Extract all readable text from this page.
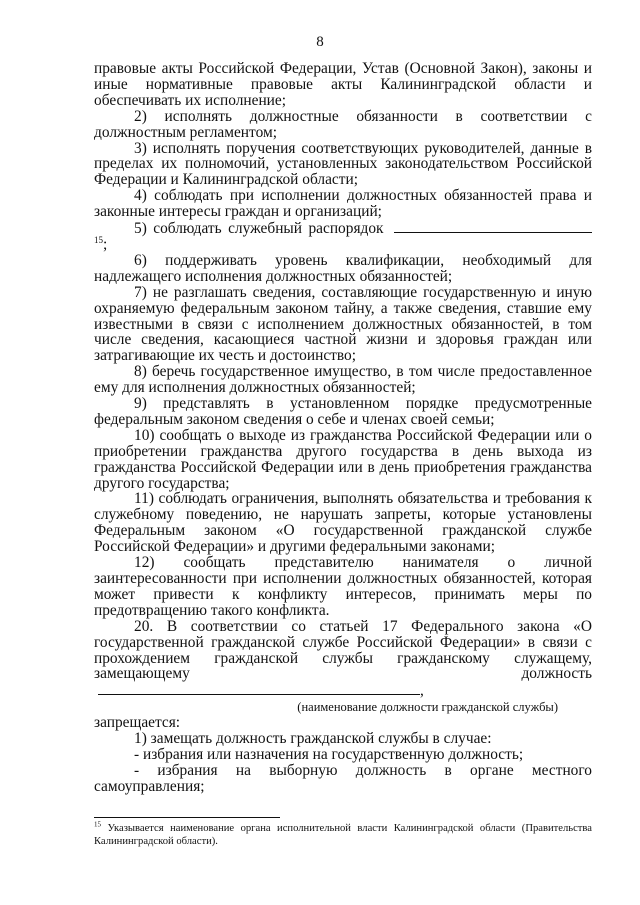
8

правовые акты Российской Федерации, Устав (Основной Закон), законы и иные нормативные правовые акты Калининградской области и обеспечивать их исполнение;

2) исполнять должностные обязанности в соответствии с должностным регламентом;

3) исполнять поручения соответствующих руководителей, данные в пределах их полномочий, установленных законодательством Российской Федерации и Калининградской области;

4) соблюдать при исполнении должностных обязанностей права и законные интересы граждан и организаций;

5) соблюдать служебный распорядок $^{15}$;

6) поддерживать уровень квалификации, необходимый для надлежащего исполнения должностных обязанностей;

7) не разглашать сведения, составляющие государственную и иную охраняемую федеральным законом тайну, а также сведения, ставшие ему известными в связи с исполнением должностных обязанностей, в том числе сведения, касающиеся частной жизни и здоровья граждан или затрагивающие их честь и достоинство;

8) беречь государственное имущество, в том числе предоставленное ему для исполнения должностных обязанностей;

9) представлять в установленном порядке предусмотренные федеральным законом сведения о себе и членах своей семьи;

10) сообщать о выходе из гражданства Российской Федерации или о приобретении гражданства другого государства в день выхода из гражданства Российской Федерации или в день приобретения гражданства другого государства;

11) соблюдать ограничения, выполнять обязательства и требования к служебному поведению, не нарушать запреты, которые установлены Федеральным законом «О государственной гражданской службе Российской Федерации» и другими федеральными законами;

12) сообщать представителю нанимателя о личной заинтересованности при исполнении должностных обязанностей, которая может привести к конфликту интересов, принимать меры по предотвращению такого конфликта.

20. В соответствии со статьей 17 Федерального закона «О государственной гражданской службе Российской Федерации» в связи с прохождением гражданской службы гражданскому служащему, замещающему должность ,

(наименование должности гражданской службы)

запрещается:

1) замещать должность гражданской службы в случае:

- избрания или назначения на государственную должность;

- избрания на выборную должность в органе местного самоуправления;

$^{15}$ Указывается наименование органа исполнительной власти Калининградской области (Правительства Калининградской области).
